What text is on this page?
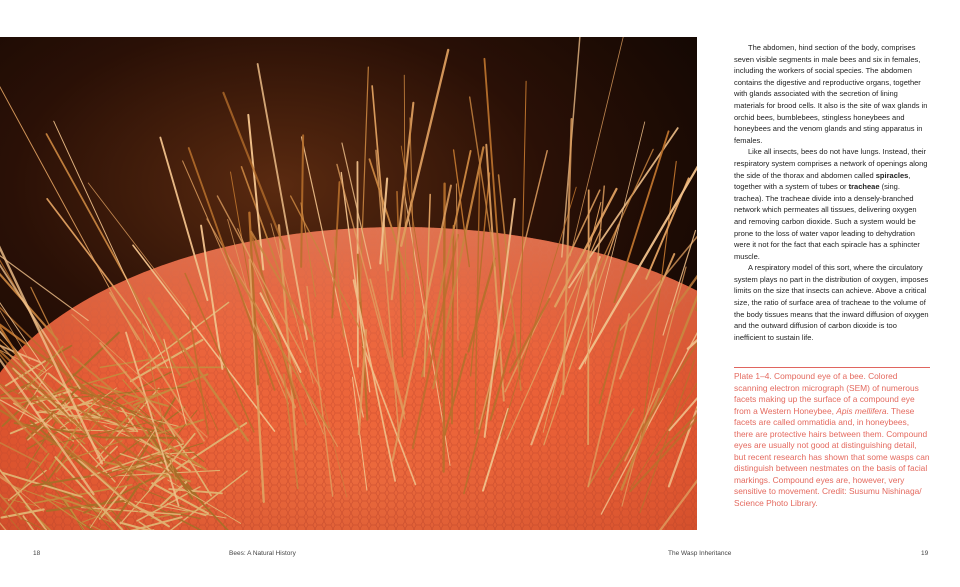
The abdomen, hind section of the body, comprises seven visible segments in male bees and six in females, including the workers of social species. The abdomen contains the digestive and reproductive organs, together with glands associated with the secretion of lining materials for brood cells. It also is the site of wax glands in orchid bees, bumblebees, stingless honeybees and honeybees and the venom glands and sting apparatus in females.

Like all insects, bees do not have lungs. Instead, their respiratory system comprises a network of openings along the side of the thorax and abdomen called spiracles, together with a system of tubes or tracheae (sing. trachea). The tracheae divide into a densely-branched network which permeates all tissues, delivering oxygen and removing carbon dioxide. Such a system would be prone to the loss of water vapor leading to dehydration were it not for the fact that each spiracle has a sphincter muscle.

A respiratory model of this sort, where the circulatory system plays no part in the distribution of oxygen, imposes limits on the size that insects can achieve. Above a critical size, the ratio of surface area of tracheae to the volume of the body tissues means that the inward diffusion of oxygen and the outward diffusion of carbon dioxide is too inefficient to sustain life.

Plate 1–4. Compound eye of a bee. Colored scanning electron micrograph (SEM) of numerous facets making up the surface of a compound eye from a Western Honeybee, Apis mellifera. These facets are called ommatidia and, in honeybees, there are protective hairs between them. Compound eyes are usually not good at distinguishing detail, but recent research has shown that some wasps can distinguish between nestmates on the basis of facial markings. Compound eyes are, however, very sensitive to movement. Credit: Susumu Nishinaga/ Science Photo Library.
18	Bees: A Natural History	The Wasp Inheritance	19
